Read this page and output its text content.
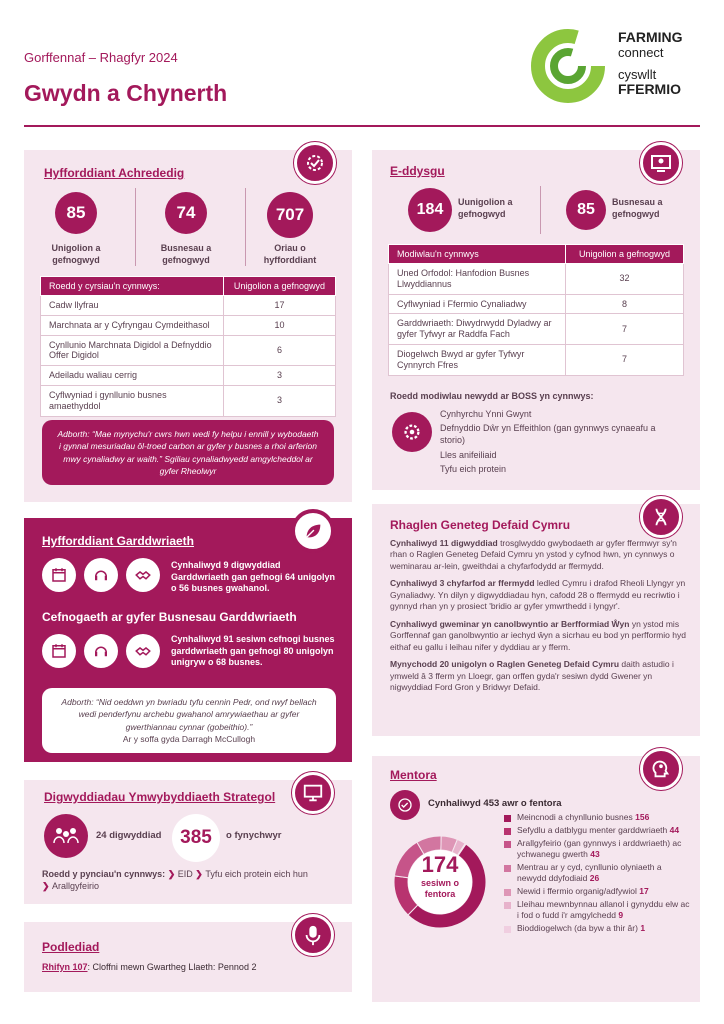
Gorffennaf – Rhagfyr 2024
Gwydn a Chynerth
FARMING
connect
cyswllt
FFERMIO
Hyfforddiant Achrededig
85
Unigolion a gefnogwyd
74
Busnesau a gefnogwyd
707
Oriau o hyfforddiant
Roedd y cyrsiau'n cynnwys:	Unigolion a gefnogwyd
Cadw llyfrau	17
Marchnata ar y Cyfryngau Cymdeithasol	10
Cynllunio Marchnata Digidol a Defnyddio Offer Digidol	6
Adeiladu waliau cerrig	3
Cyflwyniad i gynllunio busnes amaethyddol	3
Adborth: “Mae mynychu'r cwrs hwn wedi fy helpu i ennill y wybodaeth i gynnal mesuriadau ôl-troed carbon ar gyfer y busnes a rhoi arferion mwy cynaliadwy ar waith.” Sgiliau cynaliadwyedd amgylcheddol ar gyfer Rheolwyr
E-ddysgu
184 Uunigolion a gefnogwyd	85 Busnesau a gefnogwyd
Modiwlau'n cynnwys	Unigolion a gefnogwyd
Uned Orfodol: Hanfodion Busnes Llwyddiannus	32
Cyflwyniad i Ffermio Cynaliadwy	8
Garddwriaeth: Diwydrwydd Dyladwy ar gyfer Tyfwyr ar Raddfa Fach	7
Diogelwch Bwyd ar gyfer Tyfwyr Cynnyrch Ffres	7
Roedd modiwlau newydd ar BOSS yn cynnwys:
Cynhyrchu Ynni Gwynt
Defnyddio Dŵr yn Effeithlon (gan gynnwys cynaeafu a storio)
Lles anifeiliaid
Tyfu eich protein
Hyfforddiant Garddwriaeth
Cynhaliwyd 9 digwyddiad Garddwriaeth gan gefnogi 64 unigolyn o 56 busnes gwahanol.
Cefnogaeth ar gyfer Busnesau Garddwriaeth
Cynhaliwyd 91 sesiwn cefnogi busnes garddwriaeth gan gefnogi 80 unigolyn unigryw o 68 busnes.
Adborth: “Nid oeddwn yn bwriadu tyfu cennin Pedr, ond rwyf bellach wedi penderfynu archebu gwahanol amrywiaethau ar gyfer gwerthiannau cynnar (gobeithio).”
Ar y soffa gyda Darragh McCullogh
Rhaglen Geneteg Defaid Cymru

Cynhaliwyd 11 digwyddiad trosglwyddo gwybodaeth ar gyfer ffermwyr sy'n rhan o Raglen Geneteg Defaid Cymru yn ystod y cyfnod hwn, yn cynnwys o weminarau ar-lein, gweithdai a chyfarfodydd ar ffermydd.

Cynhaliwyd 3 chyfarfod ar ffermydd ledled Cymru i drafod Rheoli Llyngyr yn Gynaliadwy. Yn dilyn y digwyddiadau hyn, cafodd 28 o ffermydd eu recriwtio i gynnyd rhan yn y prosiect 'bridio ar gyfer ymwrthedd i lyngyr'.

Cynhaliwyd gweminar yn canolbwyntio ar Berfformiad Ŵyn yn ystod mis Gorffennaf gan ganolbwyntio ar iechyd ŵyn a sicrhau eu bod yn perfformio hyd eithaf eu gallu i leihau nifer y dyddiau ar y fferm.

Mynychodd 20 unigolyn o Raglen Geneteg Defaid Cymru daith astudio i ymweld â 3 fferm yn Lloegr, gan orffen gyda'r sesiwn dydd Gwener yn nigwyddiad Ford Gron y Bridwyr Defaid.

Digwyddiadau Ymwybyddiaeth Strategol
24 digwyddiad 385 o fynychwyr
Roedd y pynciau'n cynnwys: ❯ EID ❯ Tyfu eich protein eich hun
❯ Arallgyfeirio
Podlediad
Rhifyn 107: Cloffni mewn Gwartheg Llaeth: Pennod 2
Mentora
Cynhaliwyd 453 awr o fentora
174
sesiwn o fentora
Meincnodi a chynllunio busnes 156
Sefydlu a datblygu menter garddwriaeth 44
Arallgyfeirio (gan gynnwys i arddwriaeth) ac ychwanegu gwerth 43
Mentrau ar y cyd, cynllunio olyniaeth a newydd ddyfodiaid 26
Newid i ffermio organig/adfywiol 17
Lleihau mewnbynnau allanol i gynyddu elw ac i fod o fudd i'r amgylchedd 9
Bioddiogelwch (da byw a thir âr) 1
